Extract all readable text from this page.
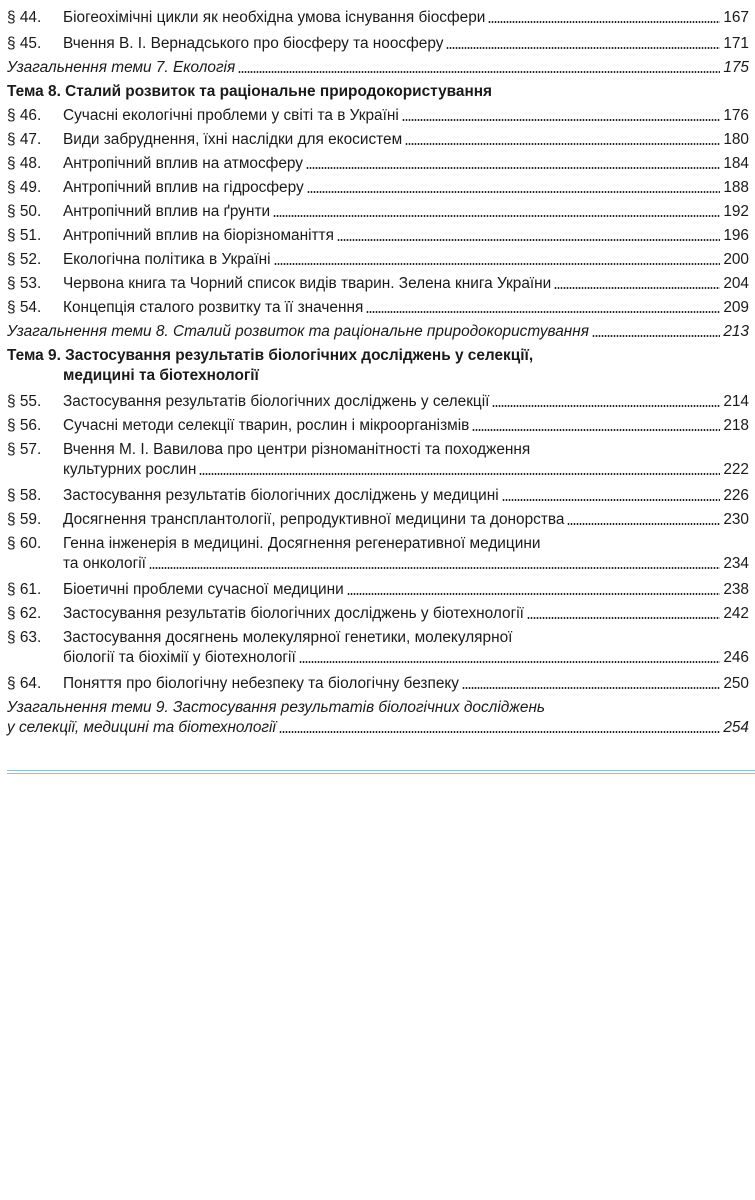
§ 44.	Біогеохімічні цикли як необхідна умова існування біосфери	167
§ 45.	Вчення В. І. Вернадського про біосферу та ноосферу	171
Узагальнення теми 7. Екологія	175
Тема 8. Сталий розвиток та раціональне природокористування
§ 46.	Сучасні екологічні проблеми у світі та в Україні	176
§ 47.	Види забруднення, їхні наслідки для екосистем	180
§ 48.	Антропічний вплив на атмосферу	184
§ 49.	Антропічний вплив на гідросферу	188
§ 50.	Антропічний вплив на ґрунти	192
§ 51.	Антропічний вплив на біорізноманіття	196
§ 52.	Екологічна політика в Україні	200
§ 53.	Червона книга та Чорний список видів тварин. Зелена книга України	204
§ 54.	Концепція сталого розвитку та її значення	209
Узагальнення теми 8. Сталий розвиток та раціональне природокористування	213
Тема 9. Застосування результатів біологічних досліджень у селекції,
медицині та біотехнології
§ 55.	Застосування результатів біологічних досліджень у селекції	214
§ 56.	Сучасні методи селекції тварин, рослин і мікроорганізмів	218
§ 57.	Вчення М. І. Вавилова про центри різноманітності та походження
культурних рослин	222
§ 58.	Застосування результатів біологічних досліджень у медицині	226
§ 59.	Досягнення трансплантології, репродуктивної медицини та донорства	230
§ 60.	Генна інженерія в медицині. Досягнення регенеративної медицини
та онкології	234
§ 61.	Біоетичні проблеми сучасної медицини	238
§ 62.	Застосування результатів біологічних досліджень у біотехнології	242
§ 63.	Застосування досягнень молекулярної генетики, молекулярної
біології та біохімії у біотехнології	246
§ 64.	Поняття про біологічну небезпеку та біологічну безпеку	250
Узагальнення теми 9. Застосування результатів біологічних досліджень
у селекції, медицині та біотехнології	254
